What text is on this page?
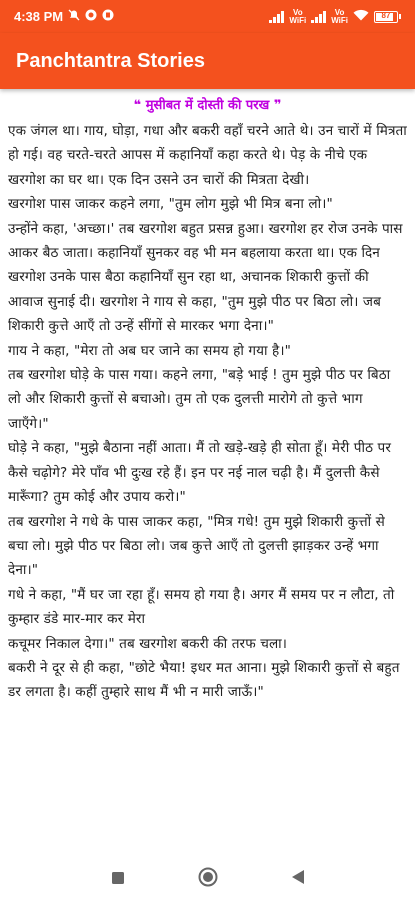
4:38 PM	Vo
WiFi
Vo
WiFi
87
Panchtantra Stories
❝ मुसीबत में दोस्ती की परख ❞
एक जंगल था। गाय, घोड़ा, गधा और बकरी वहाँ चरने आते थे। उन चारों में मित्रता हो गई। वह चरते-चरते आपस में कहानियाँ कहा करते थे। पेड़ के नीचे एक खरगोश का घर था। एक दिन उसने उन चारों की मित्रता देखी।
खरगोश पास जाकर कहने लगा, "तुम लोग मुझे भी मित्र बना लो।"
उन्होंने कहा, 'अच्छा।' तब खरगोश बहुत प्रसन्न हुआ। खरगोश हर रोज उनके पास आकर बैठ जाता। कहानियाँ सुनकर वह भी मन बहलाया करता था। एक दिन खरगोश उनके पास बैठा कहानियाँ सुन रहा था, अचानक शिकारी कुत्तों की आवाज सुनाई दी। खरगोश ने गाय से कहा, "तुम मुझे पीठ पर बिठा लो। जब शिकारी कुत्ते आएँ तो उन्हें सींगों से मारकर भगा देना।"
गाय ने कहा, "मेरा तो अब घर जाने का समय हो गया है।"
तब खरगोश घोड़े के पास गया। कहने लगा, "बड़े भाई ! तुम मुझे पीठ पर बिठा लो और शिकारी कुत्तों से बचाओ। तुम तो एक दुलत्ती मारोगे तो कुत्ते भाग जाएँगे।"
घोड़े ने कहा, "मुझे बैठाना नहीं आता। मैं तो खड़े-खड़े ही सोता हूँ। मेरी पीठ पर कैसे चढ़ोगे? मेरे पाँव भी दुःख रहे हैं। इन पर नई नाल चढ़ी है। मैं दुलत्ती कैसे मारूँगा? तुम कोई और उपाय करो।"
तब खरगोश ने गधे के पास जाकर कहा, "मित्र गधे! तुम मुझे शिकारी कुत्तों से बचा लो। मुझे पीठ पर बिठा लो। जब कुत्ते आएँ तो दुलत्ती झाड़कर उन्हें भगा देना।"
गधे ने कहा, "मैं घर जा रहा हूँ। समय हो गया है। अगर मैं समय पर न लौटा, तो कुम्हार डंडे मार-मार कर मेरा
कचूमर निकाल देगा।" तब खरगोश बकरी की तरफ चला।
बकरी ने दूर से ही कहा, "छोटे भैया! इधर मत आना। मुझे शिकारी कुत्तों से बहुत डर लगता है। कहीं तुम्हारे साथ मैं भी न मारी जाऊँ।"
